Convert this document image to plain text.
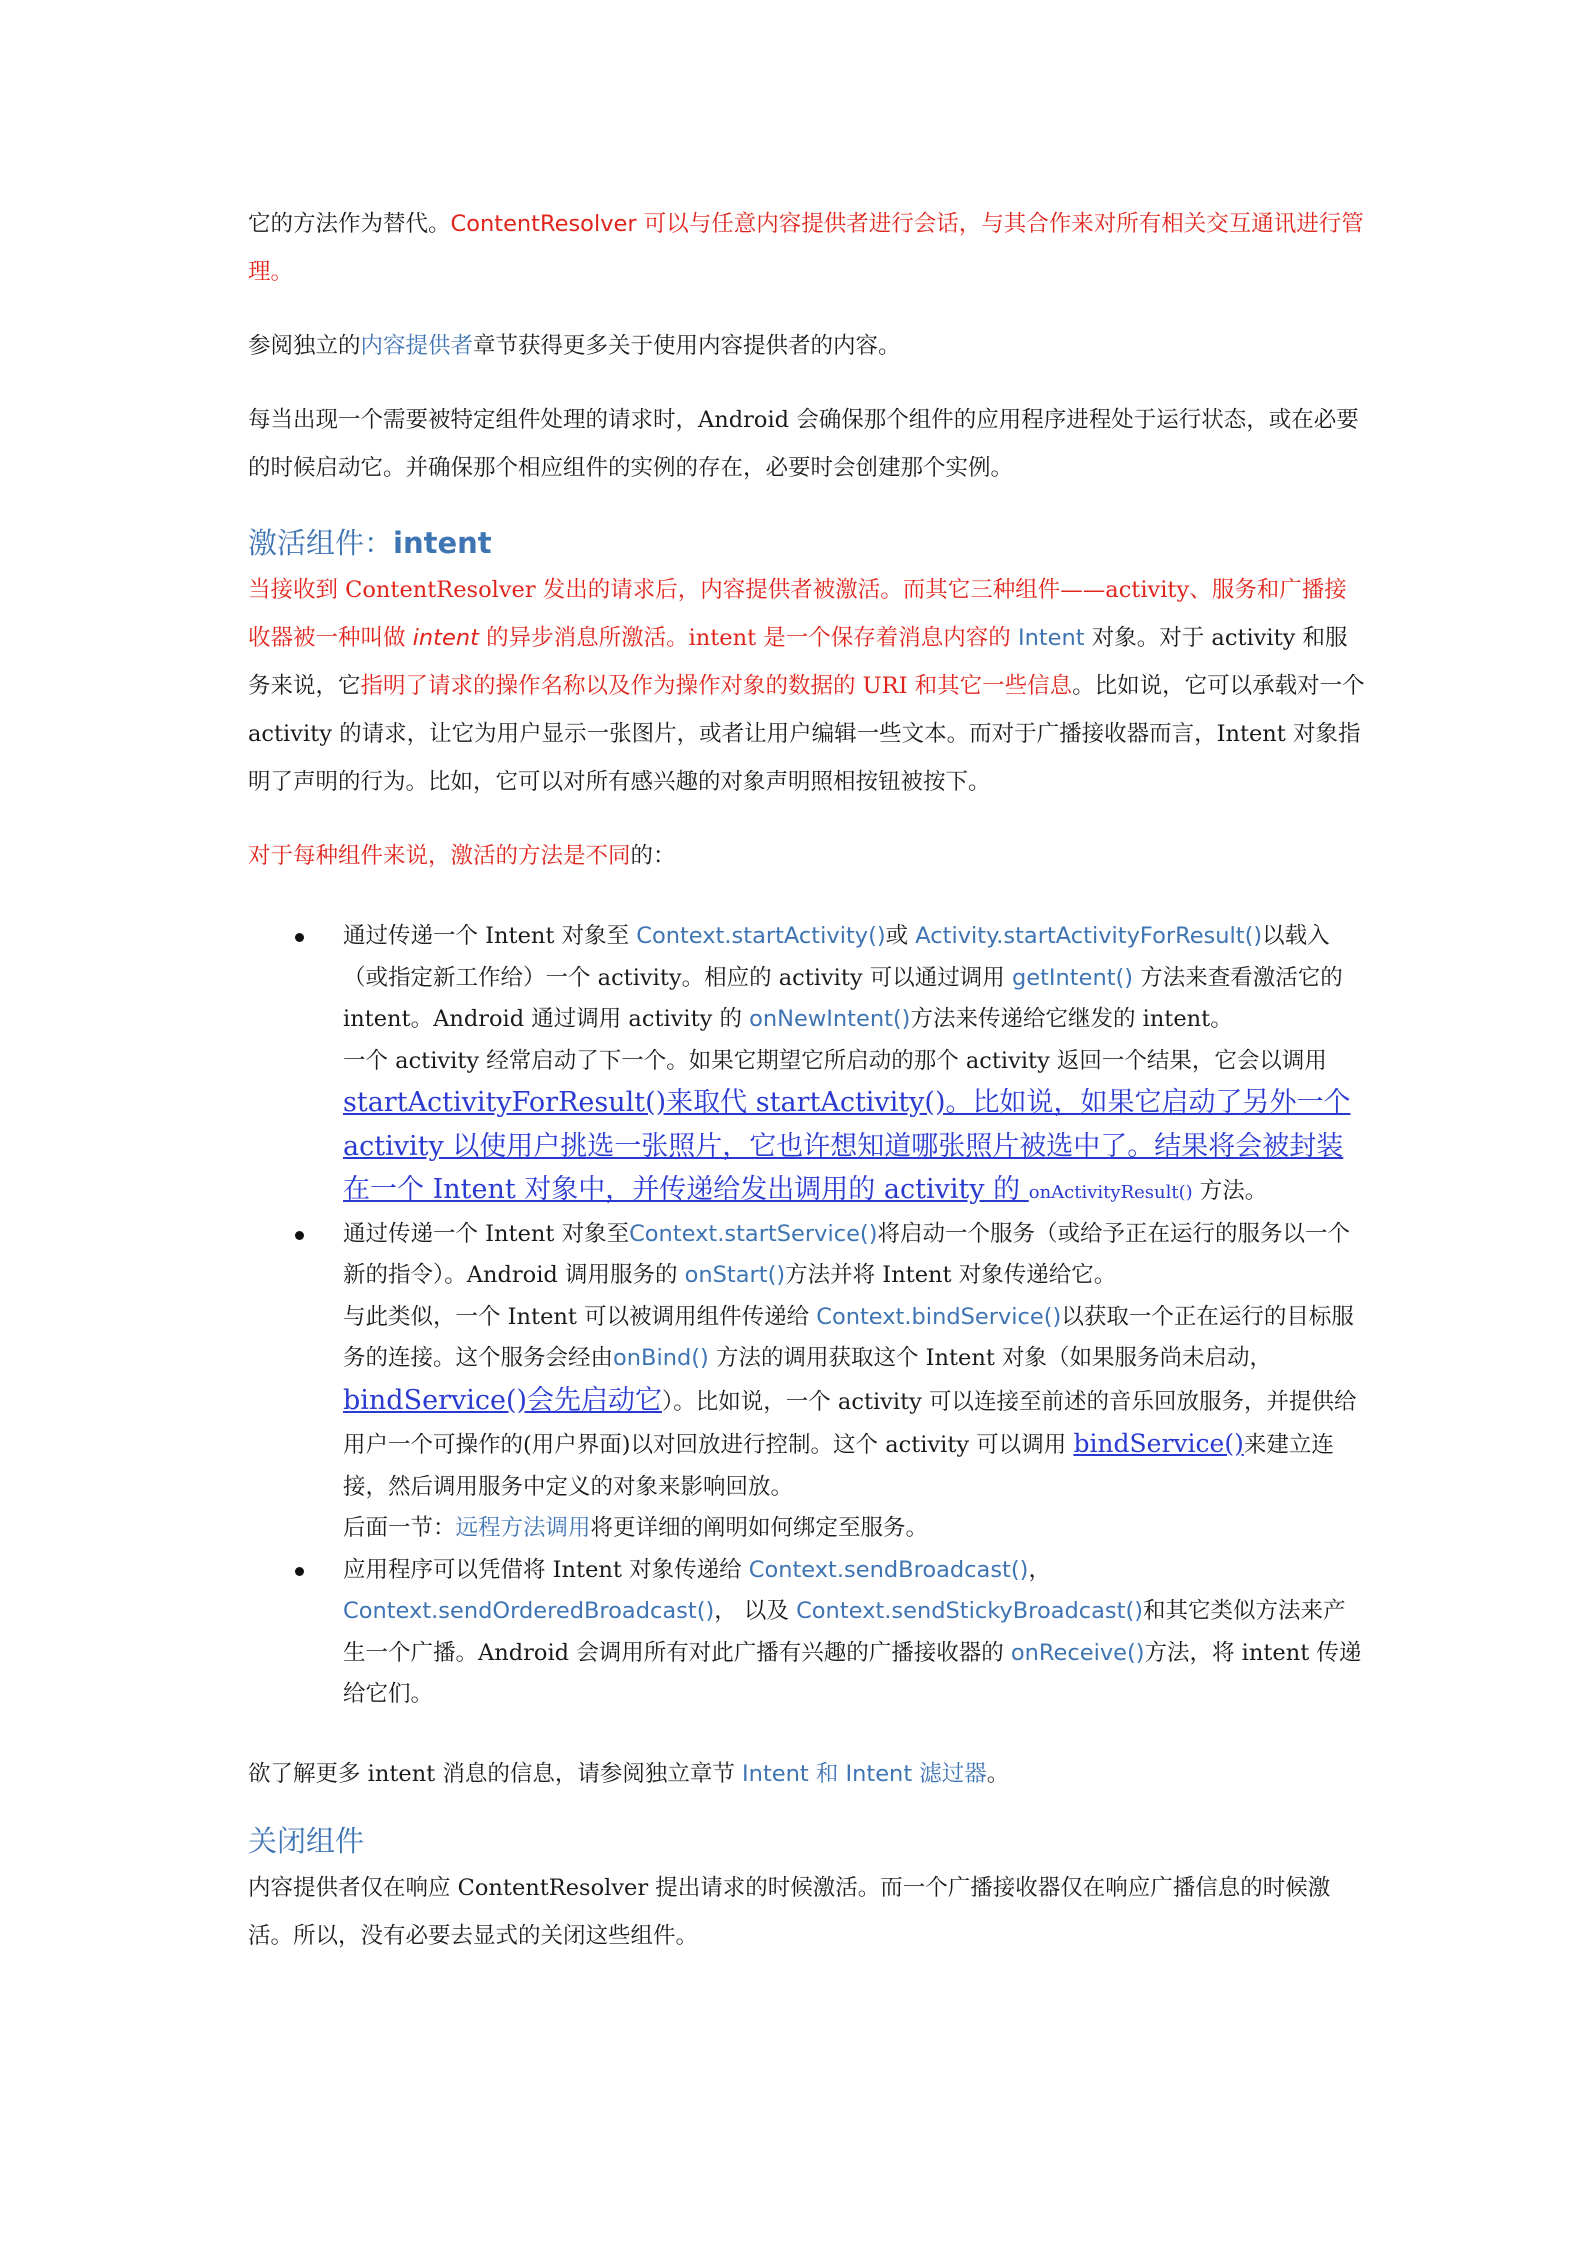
它的方法作为替代。ContentResolver 可以与任意内容提供者进行会话，与其合作来对所有相关交互通讯进行管理。

参阅独立的内容提供者章节获得更多关于使用内容提供者的内容。

每当出现一个需要被特定组件处理的请求时，Android 会确保那个组件的应用程序进程处于运行状态，或在必要的时候启动它。并确保那个相应组件的实例的存在，必要时会创建那个实例。

激活组件：intent

当接收到 ContentResolver 发出的请求后，内容提供者被激活。而其它三种组件——activity、服务和广播接收器被一种叫做 intent 的异步消息所激活。intent 是一个保存着消息内容的 Intent 对象。对于 activity 和服务来说，它指明了请求的操作名称以及作为操作对象的数据的 URI 和其它一些信息。比如说，它可以承载对一个 activity 的请求，让它为用户显示一张图片，或者让用户编辑一些文本。而对于广播接收器而言，Intent 对象指明了声明的行为。比如，它可以对所有感兴趣的对象声明照相按钮被按下。

对于每种组件来说，激活的方法是不同的：

通过传递一个 Intent 对象至 Context.startActivity()或 Activity.startActivityForResult()以载入（或指定新工作给）一个 activity。相应的 activity 可以通过调用 getIntent() 方法来查看激活它的 intent。Android 通过调用 activity 的 onNewIntent()方法来传递给它继发的 intent。
一个 activity 经常启动了下一个。如果它期望它所启动的那个 activity 返回一个结果，它会以调用 startActivityForResult()来取代 startActivity()。比如说，如果它启动了另外一个 activity 以使用户挑选一张照片，它也许想知道哪张照片被选中了。结果将会被封装在一个 Intent 对象中，并传递给发出调用的 activity 的 onActivityResult() 方法。
通过传递一个 Intent 对象至Context.startService()将启动一个服务（或给予正在运行的服务以一个新的指令）。Android 调用服务的 onStart()方法并将 Intent 对象传递给它。
与此类似，一个 Intent 可以被调用组件传递给 Context.bindService()以获取一个正在运行的目标服务的连接。这个服务会经由onBind() 方法的调用获取这个 Intent 对象（如果服务尚未启动，bindService()会先启动它）。比如说，一个 activity 可以连接至前述的音乐回放服务，并提供给用户一个可操作的(用户界面)以对回放进行控制。这个 activity 可以调用 bindService()来建立连接，然后调用服务中定义的对象来影响回放。
后面一节：远程方法调用将更详细的阐明如何绑定至服务。
应用程序可以凭借将 Intent 对象传递给 Context.sendBroadcast()，Context.sendOrderedBroadcast()， 以及 Context.sendStickyBroadcast()和其它类似方法来产生一个广播。Android 会调用所有对此广播有兴趣的广播接收器的 onReceive()方法，将 intent 传递给它们。

欲了解更多 intent 消息的信息，请参阅独立章节 Intent 和 Intent 滤过器。

关闭组件

内容提供者仅在响应 ContentResolver 提出请求的时候激活。而一个广播接收器仅在响应广播信息的时候激活。所以，没有必要去显式的关闭这些组件。
